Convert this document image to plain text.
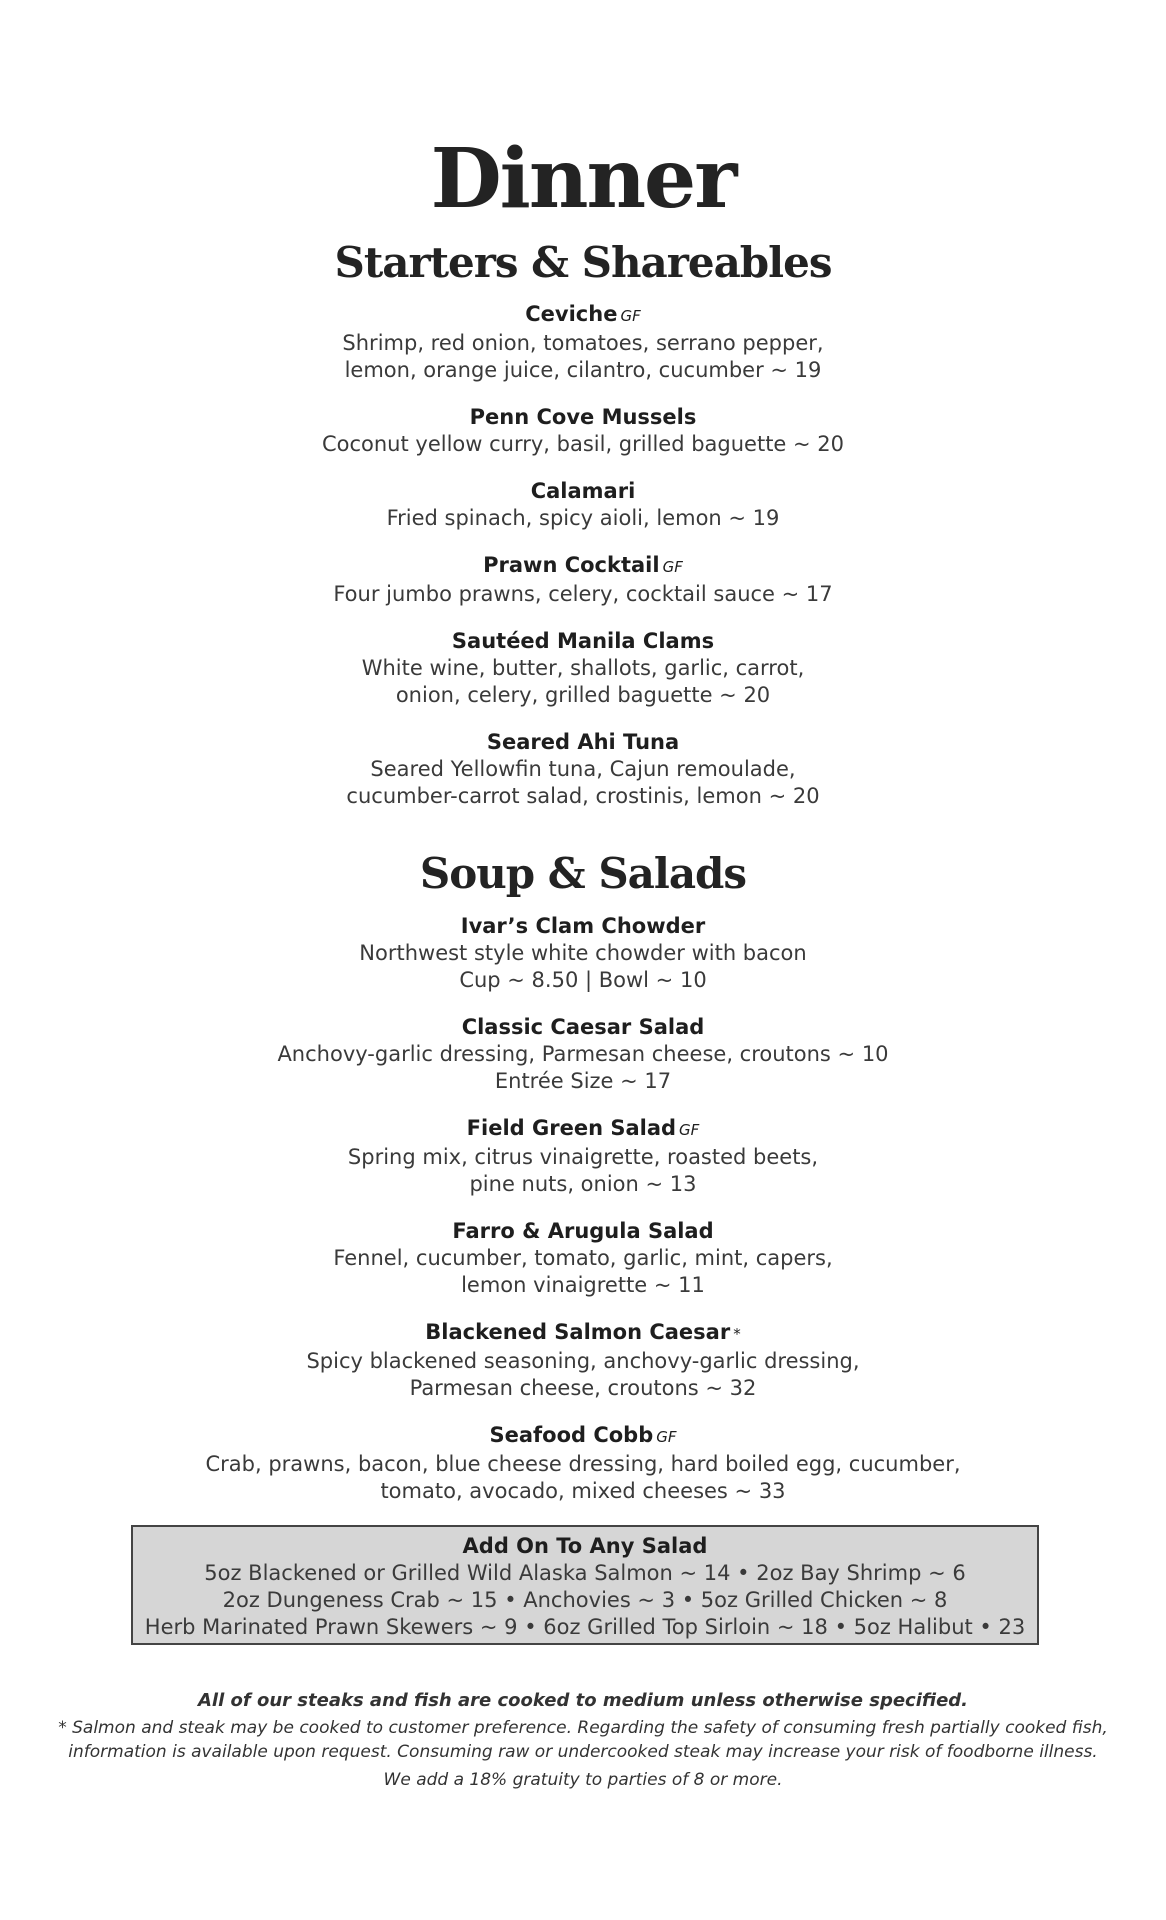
Dinner
Starters & Shareables
Ceviche GF
Shrimp, red onion, tomatoes, serrano pepper,
lemon, orange juice, cilantro, cucumber ~ 19
Penn Cove Mussels
Coconut yellow curry, basil, grilled baguette ~ 20
Calamari
Fried spinach, spicy aioli, lemon ~ 19
Prawn Cocktail GF
Four jumbo prawns, celery, cocktail sauce ~ 17
Sautéed Manila Clams
White wine, butter, shallots, garlic, carrot,
onion, celery, grilled baguette ~ 20
Seared Ahi Tuna
Seared Yellowfin tuna, Cajun remoulade,
cucumber-carrot salad, crostinis, lemon ~ 20
Soup & Salads
Ivar’s Clam Chowder
Northwest style white chowder with bacon
Cup ~ 8.50 | Bowl ~ 10
Classic Caesar Salad
Anchovy-garlic dressing, Parmesan cheese, croutons ~ 10
Entrée Size ~ 17
Field Green Salad GF
Spring mix, citrus vinaigrette, roasted beets,
pine nuts, onion ~ 13
Farro & Arugula Salad
Fennel, cucumber, tomato, garlic, mint, capers,
lemon vinaigrette ~ 11
Blackened Salmon Caesar *
Spicy blackened seasoning, anchovy-garlic dressing,
Parmesan cheese, croutons ~ 32
Seafood Cobb GF
Crab, prawns, bacon, blue cheese dressing, hard boiled egg, cucumber,
tomato, avocado, mixed cheeses ~ 33
Add On To Any Salad
5oz Blackened or Grilled Wild Alaska Salmon ~ 14 • 2oz Bay Shrimp ~ 6
2oz Dungeness Crab ~ 15 • Anchovies ~ 3 • 5oz Grilled Chicken ~ 8
Herb Marinated Prawn Skewers ~ 9 • 6oz Grilled Top Sirloin ~ 18 • 5oz Halibut • 23
All of our steaks and fish are cooked to medium unless otherwise specified.
* Salmon and steak may be cooked to customer preference. Regarding the safety of consuming fresh partially cooked fish,
information is available upon request. Consuming raw or undercooked steak may increase your risk of foodborne illness.
We add a 18% gratuity to parties of 8 or more.
